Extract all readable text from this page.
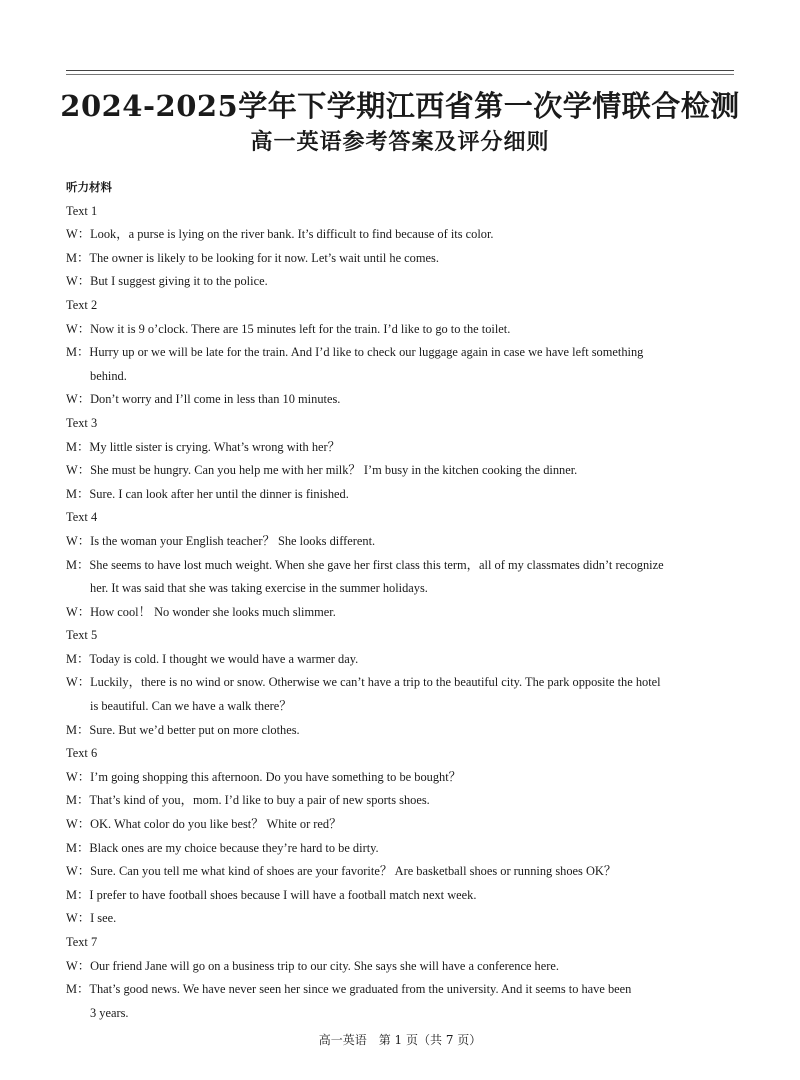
2024-2025学年下学期江西省第一次学情联合检测
高一英语参考答案及评分细则
听力材料
Text 1
W：Look，a purse is lying on the river bank. It’s difficult to find because of its color.
M：The owner is likely to be looking for it now. Let’s wait until he comes.
W：But I suggest giving it to the police.
Text 2
W：Now it is 9 o’clock. There are 15 minutes left for the train. I’d like to go to the toilet.
M：Hurry up or we will be late for the train. And I’d like to check our luggage again in case we have left something
behind.
W：Don’t worry and I’ll come in less than 10 minutes.
Text 3
M：My little sister is crying. What’s wrong with her？
W：She must be hungry. Can you help me with her milk？ I’m busy in the kitchen cooking the dinner.
M：Sure. I can look after her until the dinner is finished.
Text 4
W：Is the woman your English teacher？ She looks different.
M：She seems to have lost much weight. When she gave her first class this term，all of my classmates didn’t recognize
her. It was said that she was taking exercise in the summer holidays.
W：How cool！ No wonder she looks much slimmer.
Text 5
M：Today is cold. I thought we would have a warmer day.
W：Luckily，there is no wind or snow. Otherwise we can’t have a trip to the beautiful city. The park opposite the hotel
is beautiful. Can we have a walk there？
M：Sure. But we’d better put on more clothes.
Text 6
W：I’m going shopping this afternoon. Do you have something to be bought？
M：That’s kind of you，mom. I’d like to buy a pair of new sports shoes.
W：OK. What color do you like best？ White or red？
M：Black ones are my choice because they’re hard to be dirty.
W：Sure. Can you tell me what kind of shoes are your favorite？ Are basketball shoes or running shoes OK？
M：I prefer to have football shoes because I will have a football match next week.
W：I see.
Text 7
W：Our friend Jane will go on a business trip to our city. She says she will have a conference here.
M：That’s good news. We have never seen her since we graduated from the university. And it seems to have been
3 years.
高一英语　第 1 页（共 7 页）
